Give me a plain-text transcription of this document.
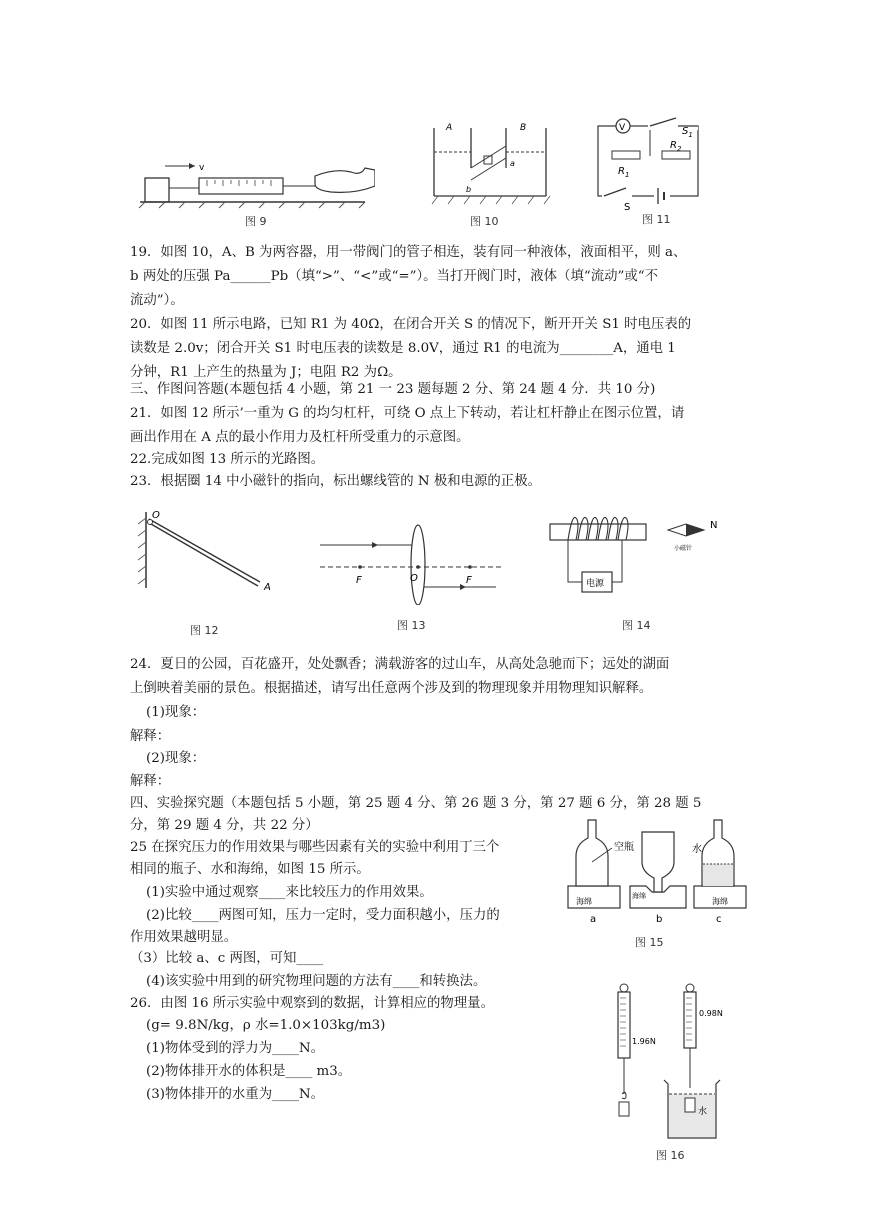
v
图 9
A	B
a
b
图 10
V	$S_1$
$R_1$
$R_2$
S
图 11
19．如图 10，A、B 为两容器，用一带阀门的管子相连，装有同一种液体，液面相平，则 a、
b 两处的压强 Pa______Pb（填“>”、“<”或“=”）。当打开阀门时，液体（填“流动”或“不
流动”）。
20．如图 11 所示电路，已知 R1 为 40Ω，在闭合开关 S 的情况下，断开开关 S1 时电压表的
读数是 2.0v；闭合开关 S1 时电压表的读数是 8.0V，通过 R1 的电流为________A，通电 1
分钟，R1 上产生的热量为 J；电阻 R2 为Ω。
三、作图问答题(本题包括 4 小题，第 21 一 23 题每题 2 分、第 24 题 4 分．共 10 分)
21．如图 12 所示’一重为 G 的均匀杠杆，可绕 O 点上下转动，若让杠杆静止在图示位置，请
画出作用在 A 点的最小作用力及杠杆所受重力的示意图。
22.完成如图 13 所示的光路图。
23．根据圈 14 中小磁针的指向，标出螺线管的 N 极和电源的正极。
O
A
图 12
F	O	F
图 13
电源
N
小磁针
图 14
24．夏日的公园，百花盛开，处处飘香；满载游客的过山车，从高处急驰而下；远处的湖面
上倒映着美丽的景色。根据描述，请写出任意两个涉及到的物理现象并用物理知识解释。
(1)现象：
解释：
(2)现象：
解释：
四、实验探究题（本题包括 5 小题，第 25 题 4 分、第 26 题 3 分，第 27 题 6 分，第 28 题 5
分，第 29 题 4 分，共 22 分）
25 在探究压力的作用效果与哪些因素有关的实验中利用丁三个
相同的瓶子、水和海绵，如图 15 所示。
(1)实验中通过观察____来比较压力的作用效果。
(2)比较____两图可知，压力一定时，受力面积越小，压力的
作用效果越明显。
（3）比较 a、c 两图，可知____
(4)该实验中用到的研究物理问题的方法有____和转换法。
海绵
a
空瓶
海绵
b
海绵
c
水
图 15
26．由图 16 所示实验中观察到的数据，计算相应的物理量。
(g= 9.8N/kg，ρ 水=1.0×103kg/m3)
(1)物体受到的浮力为____N。
(2)物体排开水的体积是____ m3。
(3)物体排开的水重为____N。
1.96N
0.98N
水
图 16
